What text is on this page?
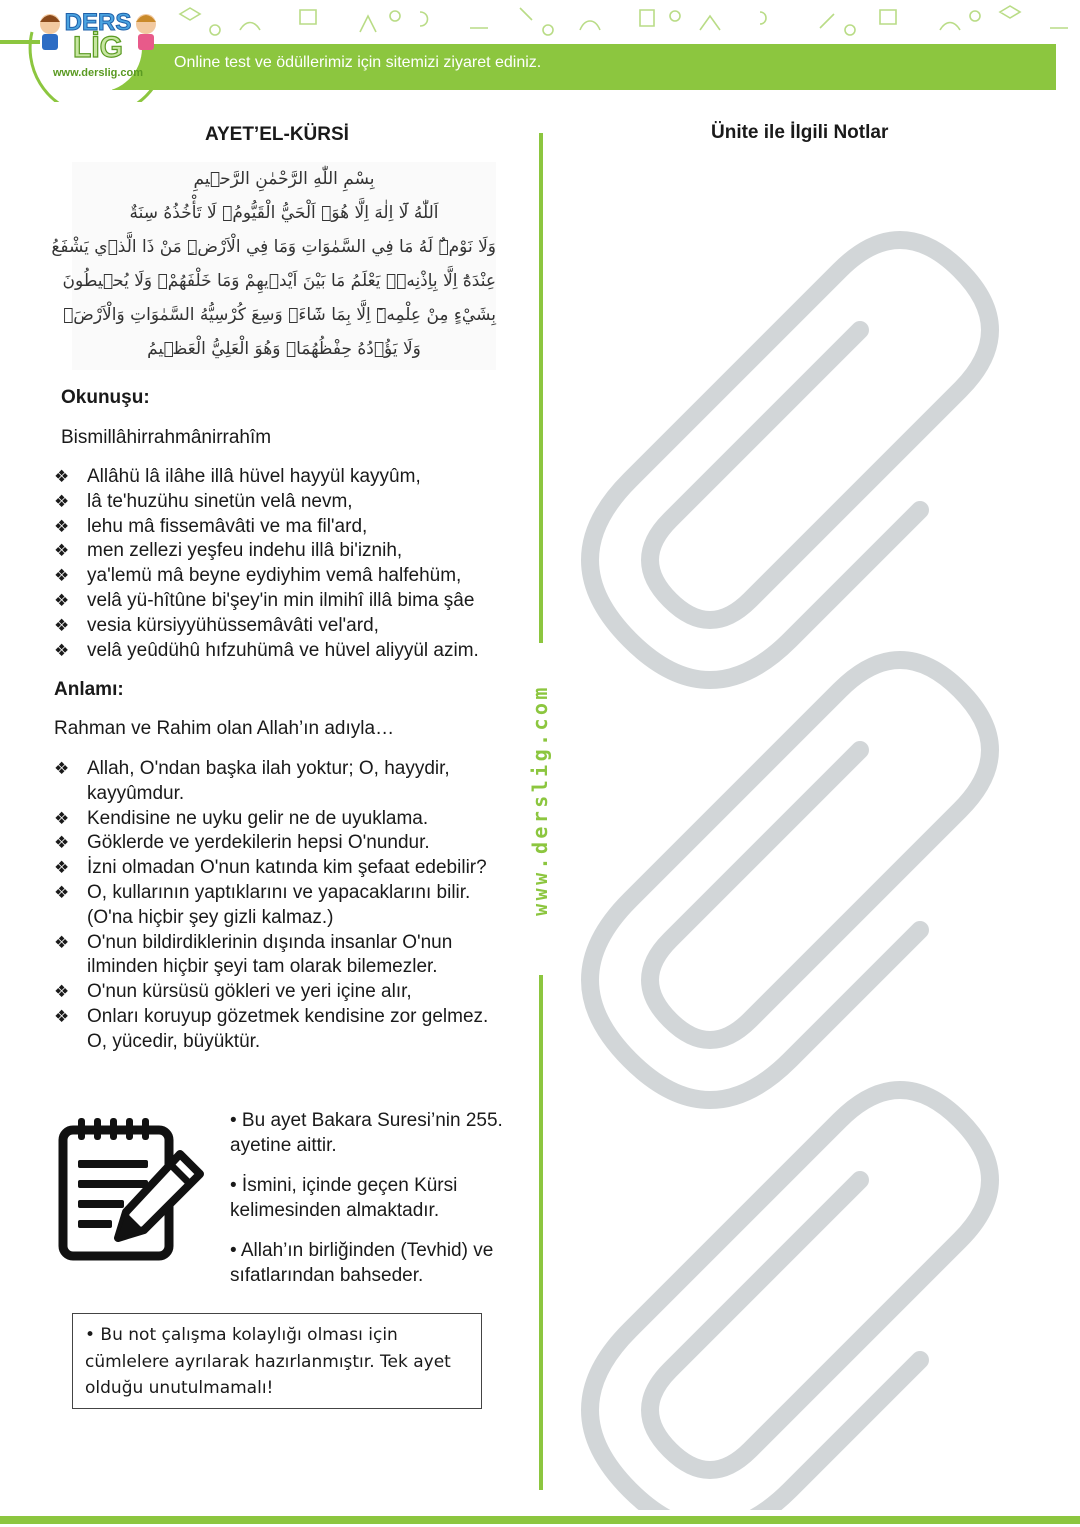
Online test ve ödüllerimiz için sitemizi ziyaret ediniz.
DERS
LİG
www.derslig.com
AYET’EL-KÜRSİ	Ünite ile İlgili Notlar
بِسْمِ اللّٰهِ الرَّحْمٰنِ الرَّح۪يمِ
اَللّٰهُ لَٓا اِلٰهَ اِلَّا هُوَۚ اَلْحَيُّ الْقَيُّومُۚ لَا تَأْخُذُهُ سِنَةٌ
وَلَا نَوْمٌۜ لَهُ مَا فِي السَّمٰوَاتِ وَمَا فِي الْاَرْضِۜ مَنْ ذَا الَّذ۪ي يَشْفَعُ
عِنْدَهُٓ اِلَّا بِاِذْنِه۪ۜ يَعْلَمُ مَا بَيْنَ اَيْد۪يهِمْ وَمَا خَلْفَهُمْۚ وَلَا يُح۪يطُونَ
بِشَيْءٍ مِنْ عِلْمِه۪ٓ اِلَّا بِمَا شَٓاءَۚ وَسِعَ كُرْسِيُّهُ السَّمٰوَاتِ وَالْاَرْضَۚ
وَلَا يَؤُ۫دُهُ حِفْظُهُمَاۚ وَهُوَ الْعَلِيُّ الْعَظ۪يمُ
Okunuşu:
Bismillâhirrahmânirrahîm
❖ Allâhü lâ ilâhe illâ hüvel hayyül kayyûm,
❖ lâ te'huzühu sinetün velâ nevm,
❖ lehu mâ fissemâvâti ve ma fil'ard,
❖ men zellezi yeşfeu indehu illâ bi'iznih,
❖ ya'lemü mâ beyne eydiyhim vemâ halfehüm,
❖ velâ yü-hîtûne bi'şey'in min ilmihî illâ bima şâe
❖ vesia kürsiyyühüssemâvâti vel'ard,
❖ velâ yeûdühû hıfzuhümâ ve hüvel aliyyül azim.
Anlamı:
Rahman ve Rahim olan Allah’ın adıyla…
❖ Allah, O'ndan başka ilah yoktur; O, hayydir, kayyûmdur.
❖ Kendisine ne uyku gelir ne de uyuklama.
❖ Göklerde ve yerdekilerin hepsi O'nundur.
❖ İzni olmadan O'nun katında kim şefaat edebilir?
❖ O, kullarının yaptıklarını ve yapacaklarını bilir. (O'na hiçbir şey gizli kalmaz.)
❖ O'nun bildirdiklerinin dışında insanlar O'nun ilminden hiçbir şeyi tam olarak bilemezler.
❖ O'nun kürsüsü gökleri ve yeri içine alır,
❖ Onları koruyup gözetmek kendisine zor gelmez. O, yücedir, büyüktür.

• Bu ayet Bakara Suresi’nin 255. ayetine aittir.

• İsmini, içinde geçen Kürsi kelimesinden almaktadır.

• Allah’ın birliğinden (Tevhid) ve sıfatlarından bahseder.

• Bu not çalışma kolaylığı olması için cümlelere ayrılarak hazırlanmıştır. Tek ayet olduğu unutulmamalı!
www.derslig.com
